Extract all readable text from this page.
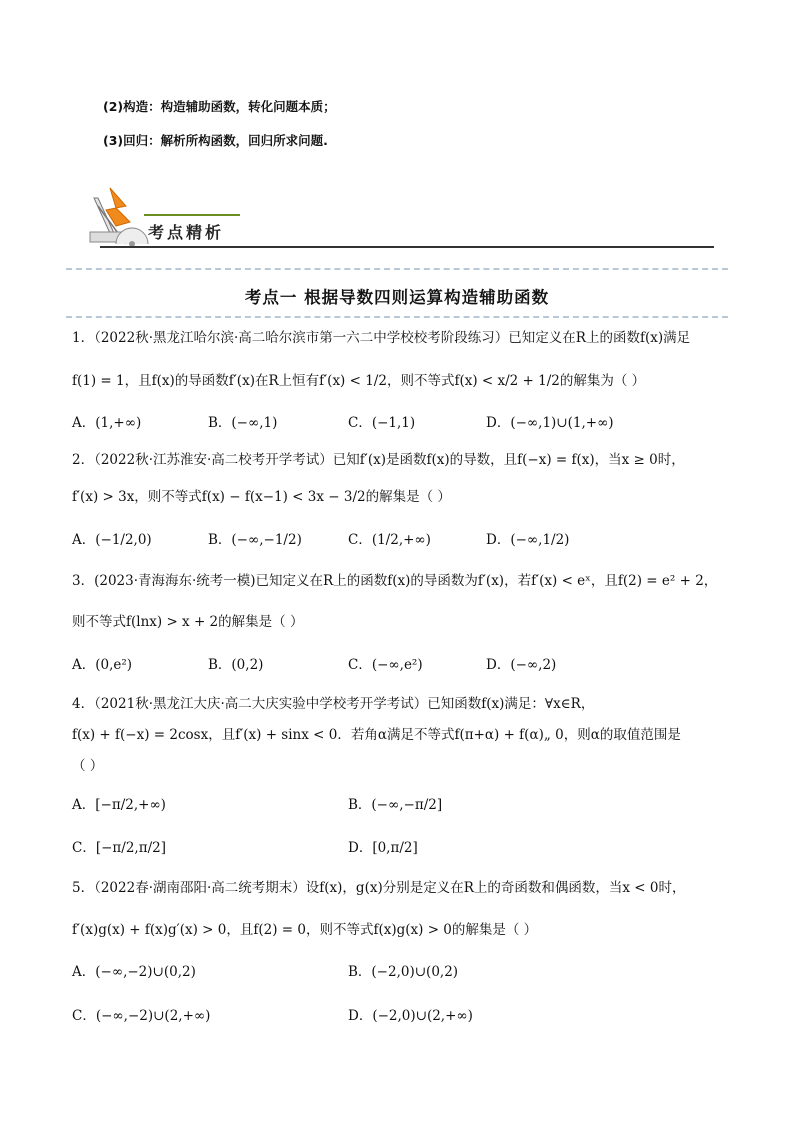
(2)构造：构造辅助函数，转化问题本质；
(3)回归：解析所构函数，回归所求问题.
考点精析
考点一 根据导数四则运算构造辅助函数
1．（2022秋·黑龙江哈尔滨·高二哈尔滨市第一六二中学校校考阶段练习）已知定义在R上的函数f(x)满足
f(1) = 1，且f(x)的导函数f′(x)在R上恒有f′(x) < 1/2，则不等式f(x) < x/2 + 1/2的解集为（ ）
A．(1,+∞)	B．(−∞,1)	C．(−1,1)	D．(−∞,1)∪(1,+∞)
2．（2022秋·江苏淮安·高二校考开学考试）已知f′(x)是函数f(x)的导数，且f(−x) = f(x)，当x ≥ 0时，
f′(x) > 3x，则不等式f(x) − f(x−1) < 3x − 3/2的解集是（ ）
A．(−1/2,0)	B．(−∞,−1/2)	C．(1/2,+∞)	D．(−∞,1/2)
3．(2023·青海海东·统考一模)已知定义在R上的函数f(x)的导函数为f′(x)，若f′(x) < eˣ，且f(2) = e² + 2，
则不等式f(lnx) > x + 2的解集是（ ）
A．(0,e²)	B．(0,2)	C．(−∞,e²)	D．(−∞,2)
4．（2021秋·黑龙江大庆·高二大庆实验中学校考开学考试）已知函数f(x)满足：∀x∈R，
f(x) + f(−x) = 2cosx，且f′(x) + sinx < 0．若角α满足不等式f(π+α) + f(α)„ 0，则α的取值范围是
（ ）
A．[−π/2,+∞)	B．(−∞,−π/2]
C．[−π/2,π/2]	D．[0,π/2]
5．（2022春·湖南邵阳·高二统考期末）设f(x)，g(x)分别是定义在R上的奇函数和偶函数，当x < 0时，
f′(x)g(x) + f(x)g′(x) > 0，且f(2) = 0，则不等式f(x)g(x) > 0的解集是（ ）
A．(−∞,−2)∪(0,2)	B．(−2,0)∪(0,2)
C．(−∞,−2)∪(2,+∞)	D．(−2,0)∪(2,+∞)
